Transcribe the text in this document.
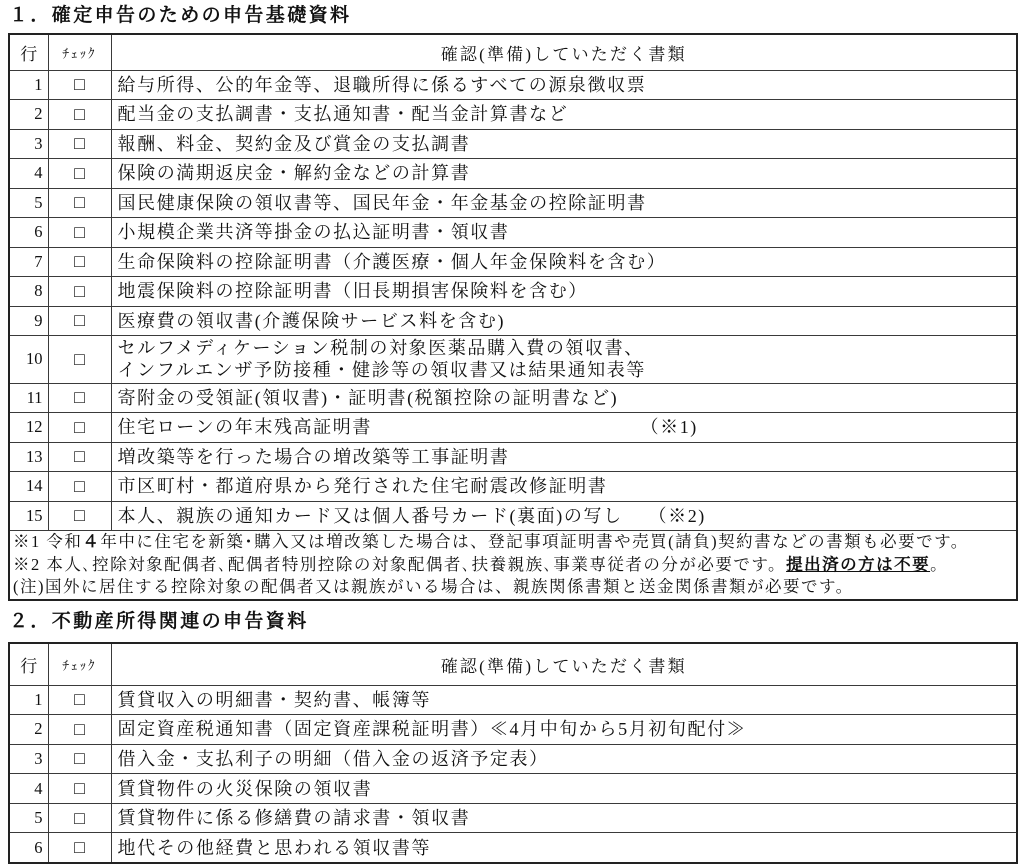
１．確定申告のための申告基礎資料
行	ﾁｪｯｸ	確認(準備)していただく書類
1	□	給与所得、公的年金等、退職所得に係るすべての源泉徴収票

2	□	配当金の支払調書・支払通知書・配当金計算書など

3	□	報酬、料金、契約金及び賞金の支払調書

4	□	保険の満期返戻金・解約金などの計算書

5	□	国民健康保険の領収書等、国民年金・年金基金の控除証明書

6	□	小規模企業共済等掛金の払込証明書・領収書

7	□	生命保険料の控除証明書（介護医療・個人年金保険料を含む）

8	□	地震保険料の控除証明書（旧長期損害保険料を含む）

9	□	医療費の領収書(介護保険サービス料を含む)

10	□	セルフメディケーション税制の対象医薬品購入費の領収書、
インフルエンザ予防接種・健診等の領収書又は結果通知表等

11	□	寄附金の受領証(領収書)・証明書(税額控除の証明書など)

12	□	住宅ローンの年末残高証明書 （※1)

13	□	増改築等を行った場合の増改築等工事証明書

14	□	市区町村・都道府県から発行された住宅耐震改修証明書

15	□	本人、親族の通知カード又は個人番号カード(裏面)の写し （※2)

※1 令和４年中に住宅を新築･購入又は増改築した場合は、登記事項証明書や売買(請負)契約書などの書類も必要です。
※2 本人､控除対象配偶者､配偶者特別控除の対象配偶者､扶養親族､事業専従者の分が必要です。提出済の方は不要。
(注)国外に居住する控除対象の配偶者又は親族がいる場合は、親族関係書類と送金関係書類が必要です。		
２．不動産所得関連の申告資料
行	ﾁｪｯｸ	確認(準備)していただく書類
1	□	賃貸収入の明細書・契約書、帳簿等

2	□	固定資産税通知書（固定資産課税証明書）≪4月中旬から5月初旬配付≫

3	□	借入金・支払利子の明細（借入金の返済予定表）

4	□	賃貸物件の火災保険の領収書

5	□	賃貸物件に係る修繕費の請求書・領収書

6	□	地代その他経費と思われる領収書等
